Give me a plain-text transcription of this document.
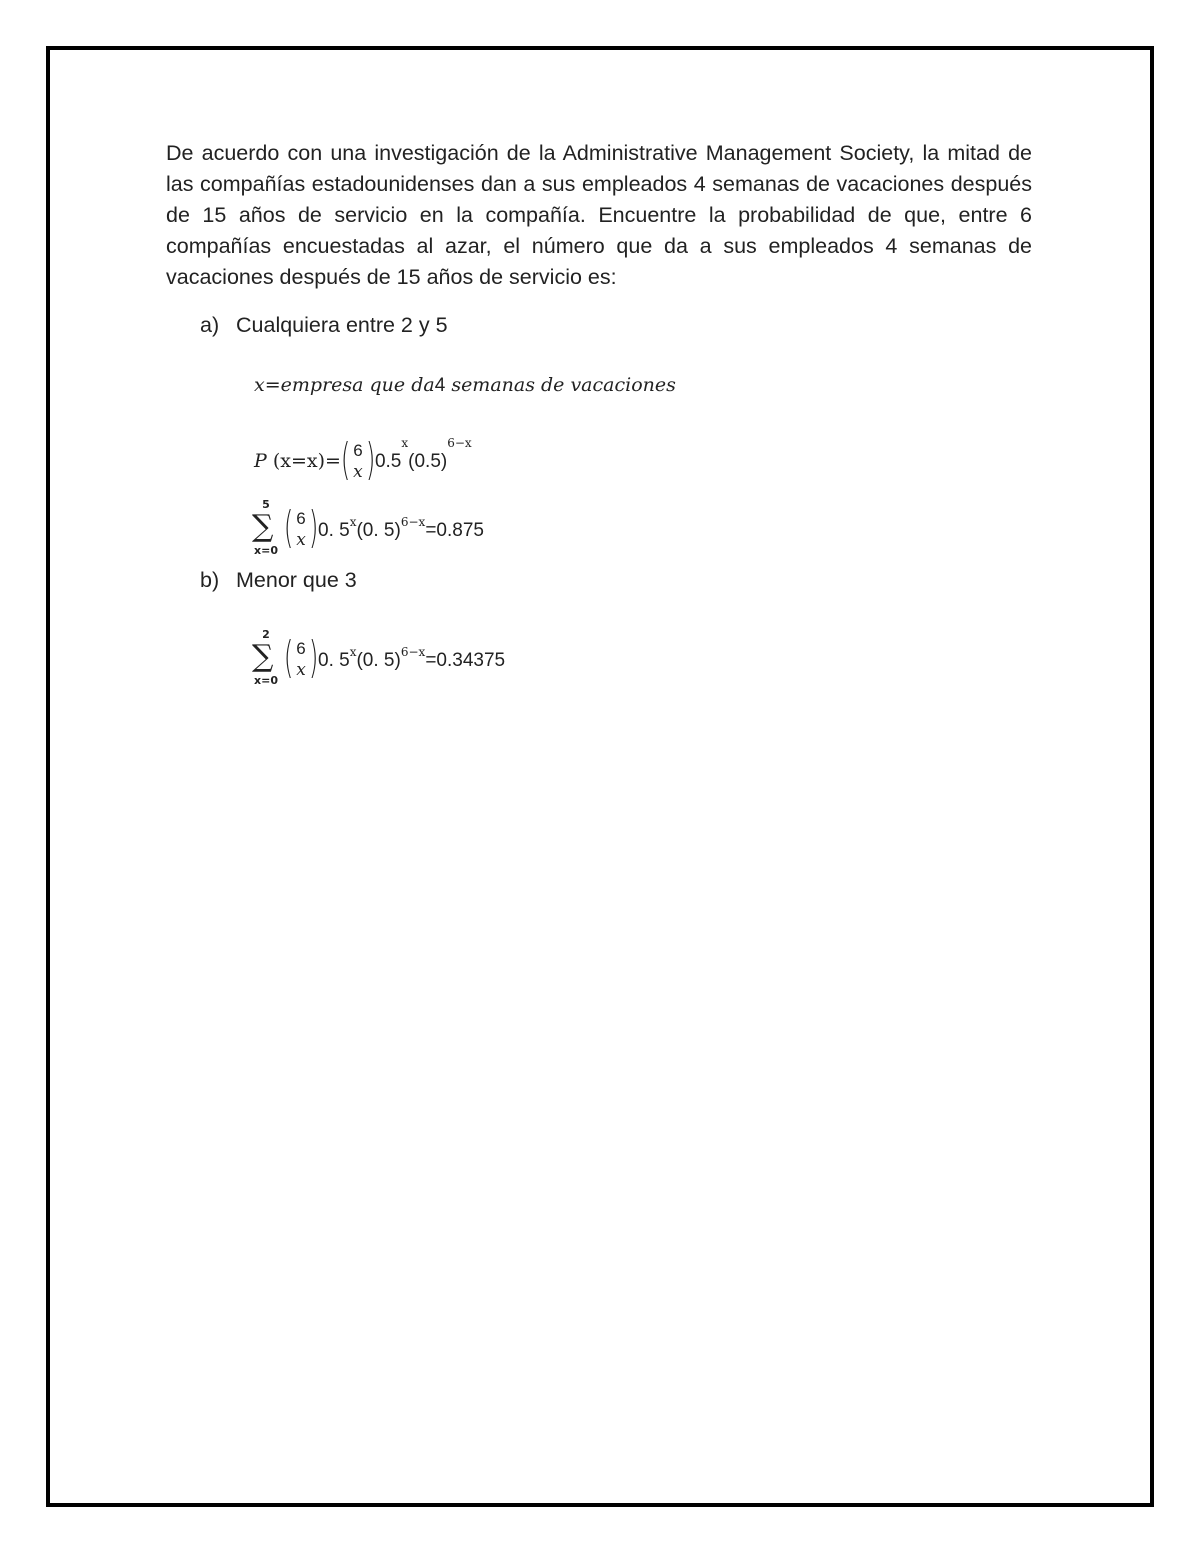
De acuerdo con una investigación de la Administrative Management Society, la mitad de las compañías estadounidenses dan a sus empleados 4 semanas de vacaciones después de 15 años de servicio en la compañía. Encuentre la probabilidad de que, entre 6 compañías encuestadas al azar, el número que da a sus empleados 4 semanas de vacaciones después de 15 años de servicio es:

a) Cualquiera entre 2 y 5
x=empresa que da4 semanas de vacaciones
P (x=x)= ( 6
x ) $0.5^x(0.5)^{6-x}$
5
∑
x=0 ( 6
x ) 0. 5$^x$(0. 5)$^{6-x}$=0.875
b) Menor que 3
2
∑
x=0 ( 6
x ) 0. 5$^x$(0. 5)$^{6-x}$=0.34375
